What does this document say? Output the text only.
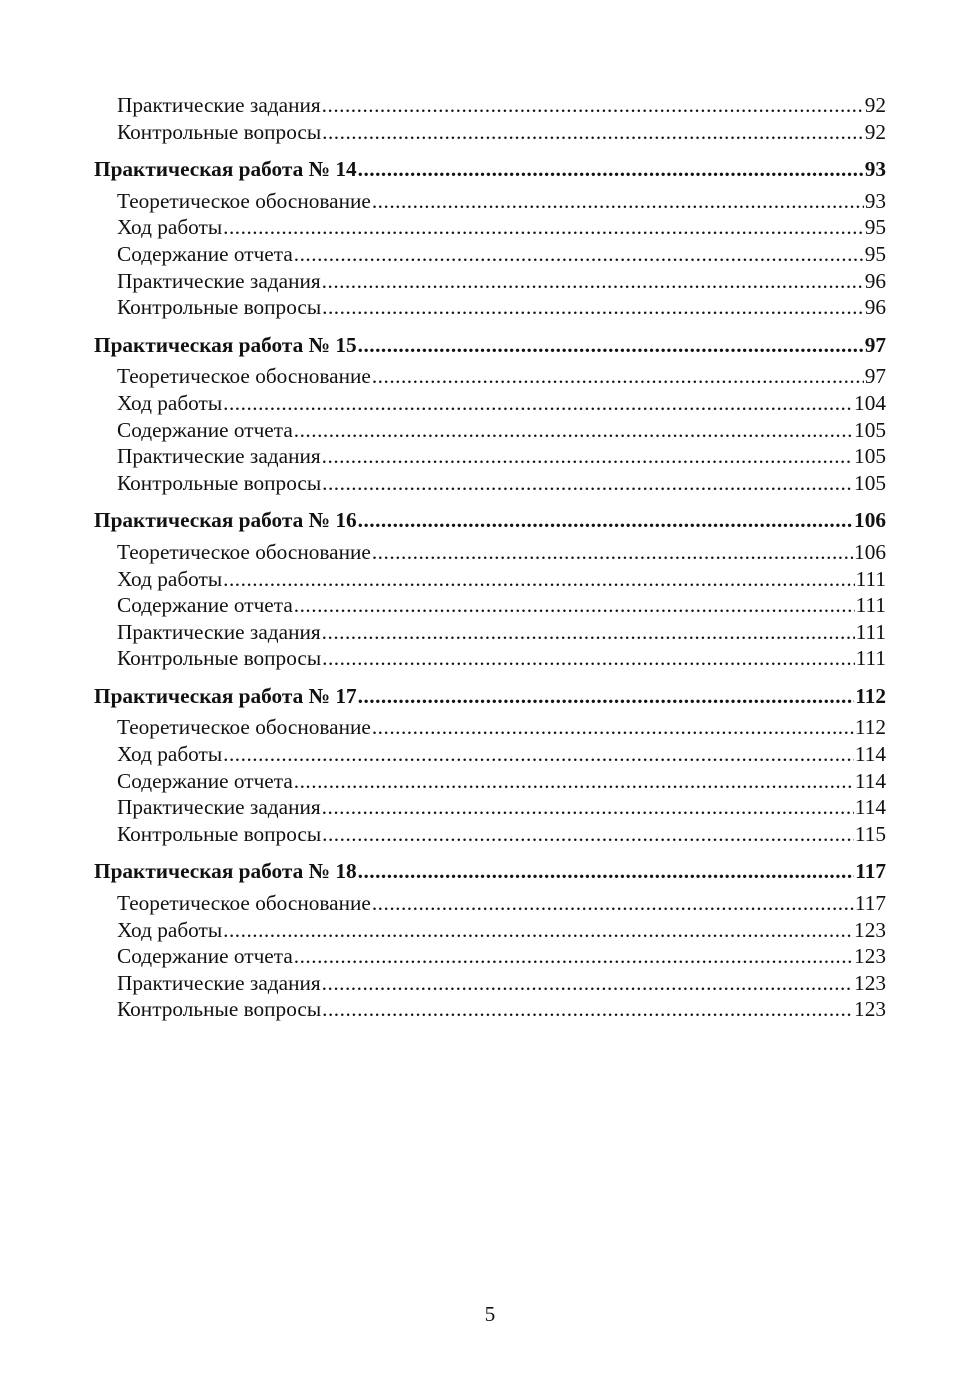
Практические задания .....	92
Контрольные вопросы .....	92
Практическая работа № 14 .....	93
Теоретическое обоснование .....	93
Ход работы .....	95
Содержание отчета .....	95
Практические задания .....	96
Контрольные вопросы .....	96
Практическая работа № 15 .....	97
Теоретическое обоснование .....	97
Ход работы .....	104
Содержание отчета .....	105
Практические задания .....	105
Контрольные вопросы .....	105
Практическая работа № 16 .....	106
Теоретическое обоснование .....	106
Ход работы .....	111
Содержание отчета .....	111
Практические задания .....	111
Контрольные вопросы .....	111
Практическая работа № 17 .....	112
Теоретическое обоснование .....	112
Ход работы .....	114
Содержание отчета .....	114
Практические задания .....	114
Контрольные вопросы .....	115
Практическая работа № 18 .....	117
Теоретическое обоснование .....	117
Ход работы .....	123
Содержание отчета .....	123
Практические задания .....	123
Контрольные вопросы .....	123
5
